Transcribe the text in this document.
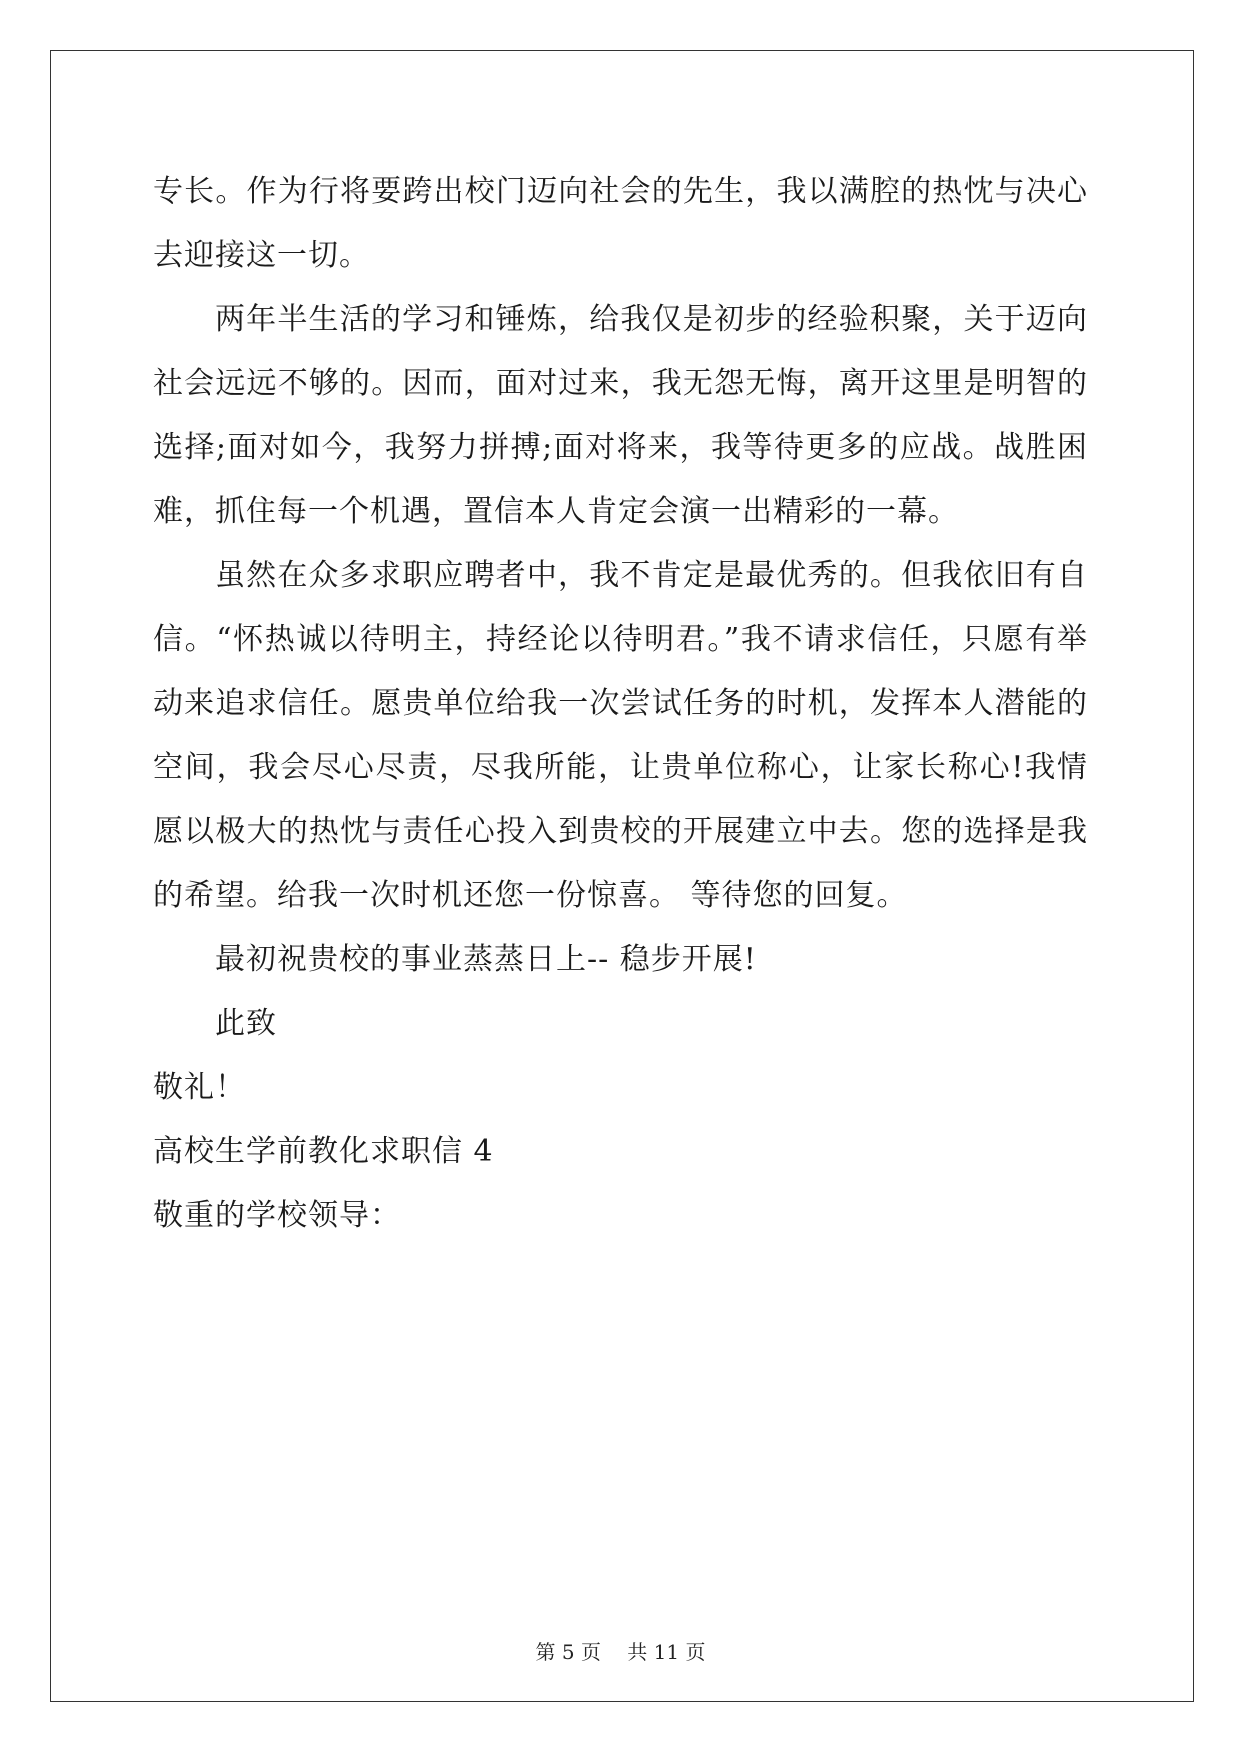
专长。作为行将要跨出校门迈向社会的先生，我以满腔的热忱与决心去迎接这一切。

两年半生活的学习和锤炼，给我仅是初步的经验积聚，关于迈向社会远远不够的。因而，面对过来，我无怨无悔，离开这里是明智的选择;面对如今，我努力拼搏;面对将来，我等待更多的应战。战胜困难，抓住每一个机遇，置信本人肯定会演一出精彩的一幕。

虽然在众多求职应聘者中，我不肯定是最优秀的。但我依旧有自信。“怀热诚以待明主，持经论以待明君。”我不请求信任，只愿有举动来追求信任。愿贵单位给我一次尝试任务的时机，发挥本人潜能的空间，我会尽心尽责，尽我所能，让贵单位称心，让家长称心!我情愿以极大的热忱与责任心投入到贵校的开展建立中去。您的选择是我的希望。给我一次时机还您一份惊喜。 等待您的回复。

最初祝贵校的事业蒸蒸日上-- 稳步开展!

此致

敬礼！

高校生学前教化求职信 4

敬重的学校领导：

第 5 页　 共 11 页
